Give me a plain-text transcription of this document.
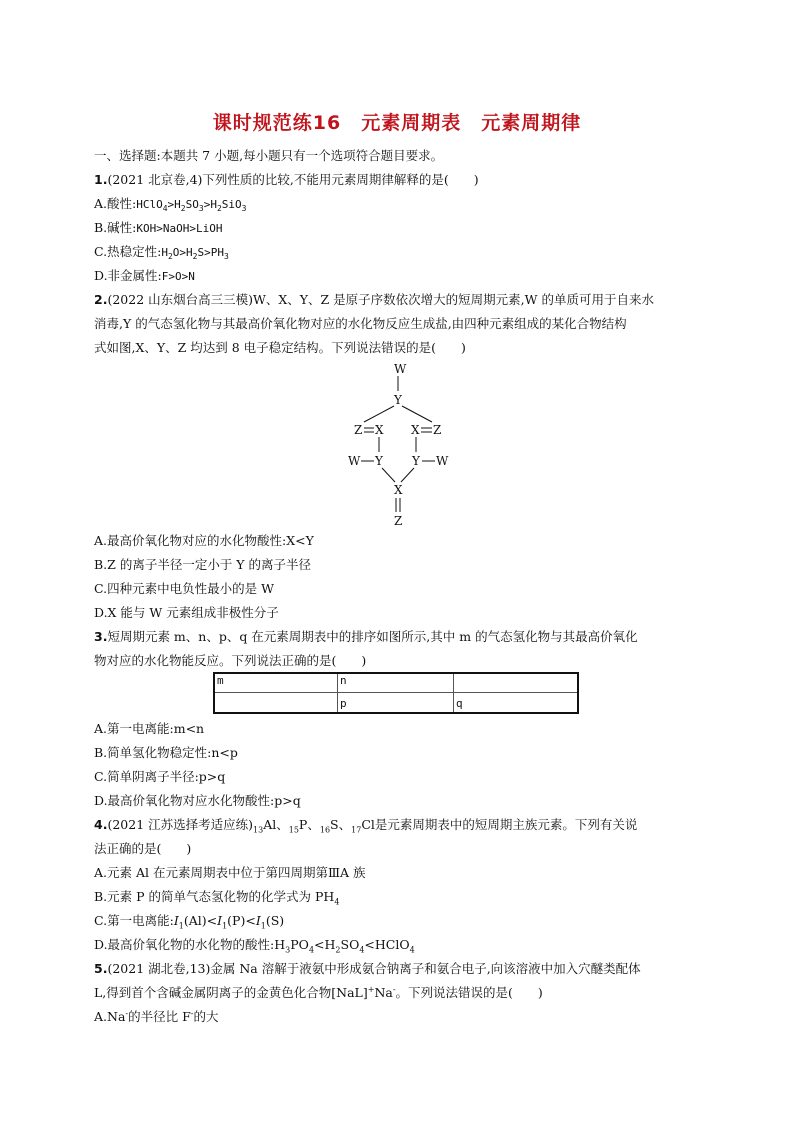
课时规范练16　元素周期表　元素周期律
一、选择题:本题共 7 小题,每小题只有一个选项符合题目要求。
1.(2021 北京卷,4)下列性质的比较,不能用元素周期律解释的是(　　)
A.酸性$:HClO_4>H_2SO_3>H_2SiO_3$
B.碱性:KOH>NaOH>LiOH
C.热稳定性$:H_2O>H_2S>PH_3$
D.非金属性:F>O>N
2.(2022 山东烟台高三三模)W、X、Y、Z 是原子序数依次增大的短周期元素,W 的单质可用于自来水
消毒,Y 的气态氢化物与其最高价氧化物对应的水化物反应生成盐,由四种元素组成的某化合物结构
式如图,X、Y、Z 均达到 8 电子稳定结构。下列说法错误的是(　　)
W
Y
Z X X Z
W Y Y W
X
Z
A.最高价氧化物对应的水化物酸性:X<Y
B.Z 的离子半径一定小于 Y 的离子半径
C.四种元素中电负性最小的是 W
D.X 能与 W 元素组成非极性分子
3.短周期元素 m、n、p、q 在元素周期表中的排序如图所示,其中 m 的气态氢化物与其最高价氧化
物对应的水化物能反应。下列说法正确的是(　　)
m	n
p	q
A.第一电离能:m<n
B.简单氢化物稳定性:n<p
C.简单阴离子半径:p>q
D.最高价氧化物对应水化物酸性:p>q
4.(2021 江苏选择考适应练)$_{13}Al$、$_{15}$P、$_{16}$S、$_{17}$Cl是元素周期表中的短周期主族元素。下列有关说
法正确的是(　　)
A.元素 Al 在元素周期表中位于第四周期第ⅢA 族
B.元素 P 的简单气态氢化物的化学式为 $PH_4$
C.第一电离能$:I_1(Al)<I_1(P)<I_1(S)$
D.最高价氧化物的水化物的酸性$:H_3PO_4<H_2SO_4<HClO_4$
5.(2021 湖北卷,13)金属 Na 溶解于液氨中形成氨合钠离子和氨合电子,向该溶液中加入穴醚类配体
L,得到首个含碱金属阴离子的金黄色化合物[NaL]+Na-。下列说法错误的是(　　)
A.Na-的半径比 F-的大
